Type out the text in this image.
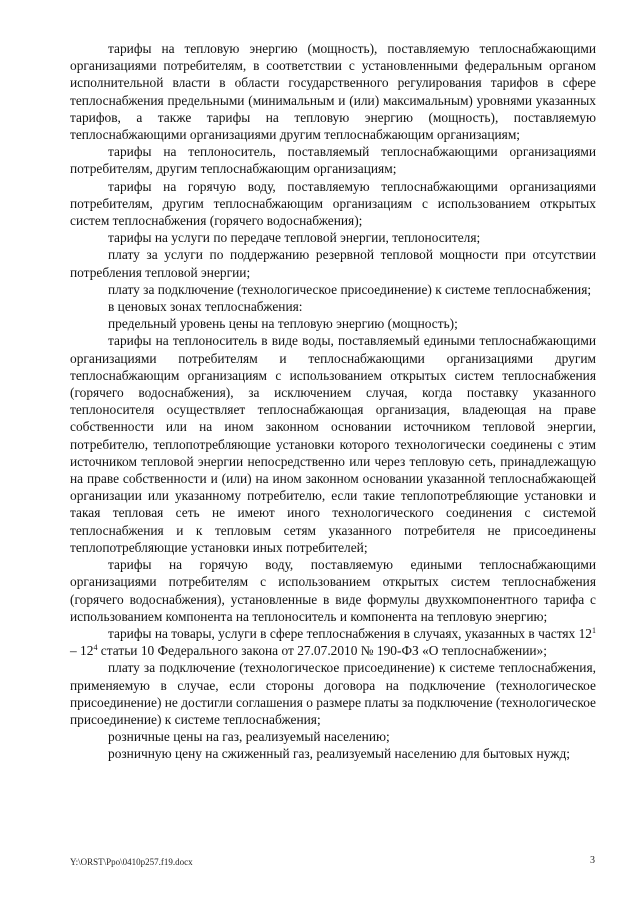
тарифы на тепловую энергию (мощность), поставляемую теплоснабжающими организациями потребителям, в соответствии с установленными федеральным органом исполнительной власти в области государственного регулирования тарифов в сфере теплоснабжения предельными (минимальным и (или) максимальным) уровнями указанных тарифов, а также тарифы на тепловую энергию (мощность), поставляемую теплоснабжающими организациями другим теплоснабжающим организациям;

тарифы на теплоноситель, поставляемый теплоснабжающими организациями потребителям, другим теплоснабжающим организациям;

тарифы на горячую воду, поставляемую теплоснабжающими организациями потребителям, другим теплоснабжающим организациям с использованием открытых систем теплоснабжения (горячего водоснабжения);

тарифы на услуги по передаче тепловой энергии, теплоносителя;

плату за услуги по поддержанию резервной тепловой мощности при отсутствии потребления тепловой энергии;

плату за подключение (технологическое присоединение) к системе теплоснабжения;

в ценовых зонах теплоснабжения:

предельный уровень цены на тепловую энергию (мощность);

тарифы на теплоноситель в виде воды, поставляемый едиными теплоснабжающими организациями потребителям и теплоснабжающими организациями другим теплоснабжающим организациям с использованием открытых систем теплоснабжения (горячего водоснабжения), за исключением случая, когда поставку указанного теплоносителя осуществляет теплоснабжающая организация, владеющая на праве собственности или на ином законном основании источником тепловой энергии, потребителю, теплопотребляющие установки которого технологически соединены с этим источником тепловой энергии непосредственно или через тепловую сеть, принадлежащую на праве собственности и (или) на ином законном основании указанной теплоснабжающей организации или указанному потребителю, если такие теплопотребляющие установки и такая тепловая сеть не имеют иного технологического соединения с системой теплоснабжения и к тепловым сетям указанного потребителя не присоединены теплопотребляющие установки иных потребителей;

тарифы на горячую воду, поставляемую едиными теплоснабжающими организациями потребителям с использованием открытых систем теплоснабжения (горячего водоснабжения), установленные в виде формулы двухкомпонентного тарифа с использованием компонента на теплоноситель и компонента на тепловую энергию;

тарифы на товары, услуги в сфере теплоснабжения в случаях, указанных в частях $12^1 - 12^4$ статьи 10 Федерального закона от 27.07.2010 № 190-ФЗ «О теплоснабжении»;

плату за подключение (технологическое присоединение) к системе теплоснабжения, применяемую в случае, если стороны договора на подключение (технологическое присоединение) не достигли соглашения о размере платы за подключение (технологическое присоединение) к системе теплоснабжения;

розничные цены на газ, реализуемый населению;

розничную цену на сжиженный газ, реализуемый населению для бытовых нужд;

Y:\ORST\Ppo\0410p257.f19.docx	3
